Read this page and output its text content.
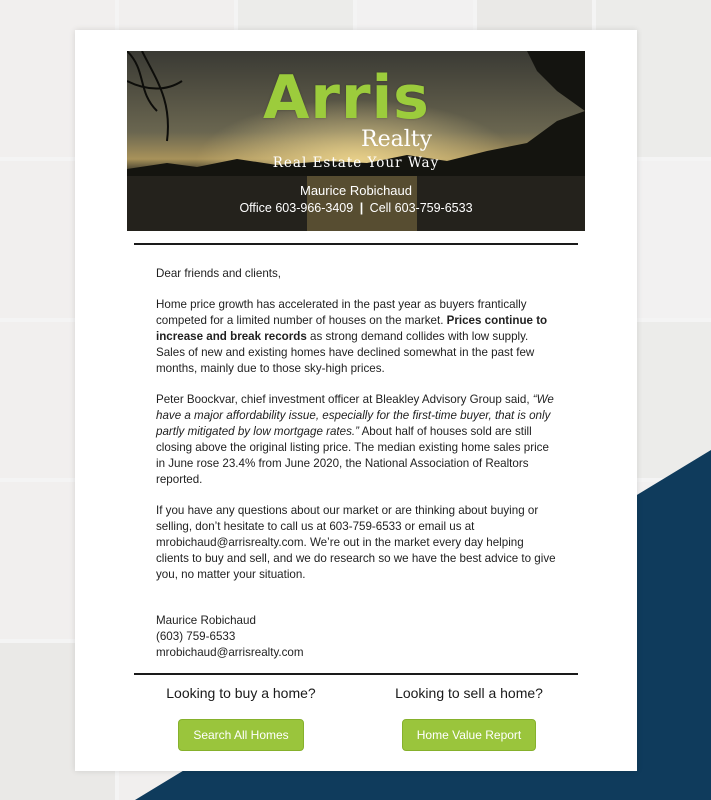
Arris
Realty
Real Estate Your Way
Maurice Robichaud
Office 603-966-3409 | Cell 603-759-6533

Dear friends and clients,

Home price growth has accelerated in the past year as buyers frantically competed for a limited number of houses on the market. Prices continue to increase and break records as strong demand collides with low supply. Sales of new and existing homes have declined somewhat in the past few months, mainly due to those sky-high prices.

Peter Boockvar, chief investment officer at Bleakley Advisory Group said, “We have a major affordability issue, especially for the first-time buyer, that is only partly mitigated by low mortgage rates.” About half of houses sold are still closing above the original listing price. The median existing home sales price in June rose 23.4% from June 2020, the National Association of Realtors reported.

If you have any questions about our market or are thinking about buying or selling, don’t hesitate to call us at 603-759-6533 or email us at mrobichaud@arrisrealty.com. We’re out in the market every day helping clients to buy and sell, and we do research so we have the best advice to give you, no matter your situation.

Maurice Robichaud
(603) 759-6533
mrobichaud@arrisrealty.com

Looking to buy a home?
Search All Homes
Looking to sell a home?
Home Value Report
